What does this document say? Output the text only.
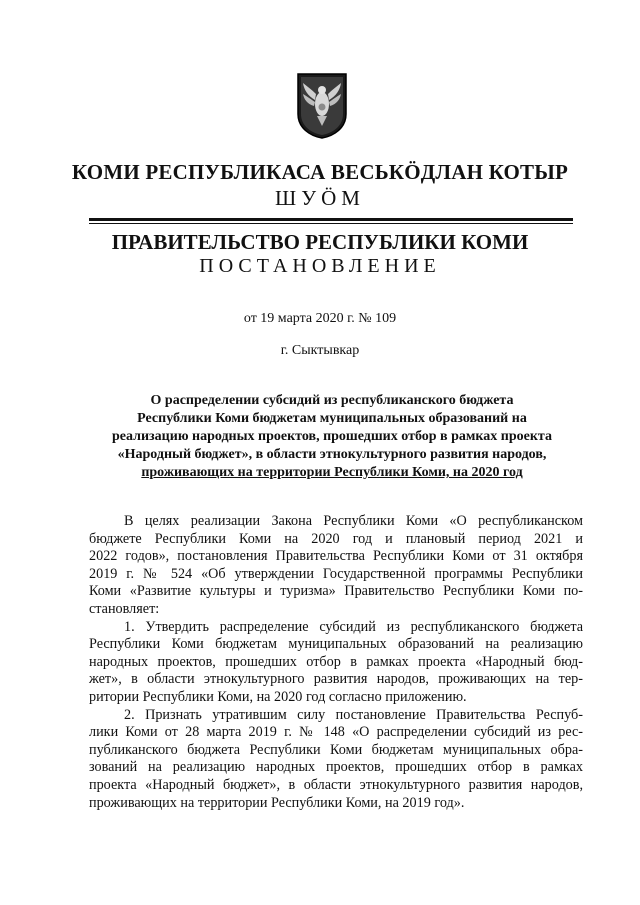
КОМИ РЕСПУБЛИКАСА ВЕСЬКӦДЛАН КОТЫР
ШУӦМ
ПРАВИТЕЛЬСТВО РЕСПУБЛИКИ КОМИ
ПОСТАНОВЛЕНИЕ
от 19 марта 2020 г. № 109
г. Сыктывкар
О распределении субсидий из республиканского бюджета
Республики Коми бюджетам муниципальных образований на
реализацию народных проектов, прошедших отбор в рамках проекта
«Народный бюджет», в области этнокультурного развития народов,
проживающих на территории Республики Коми, на 2020 год
В целях реализации Закона Республики Коми «О республиканском
бюджете Республики Коми на 2020 год и плановый период 2021 и
2022 годов», постановления Правительства Республики Коми от 31 октября
2019 г. № 524 «Об утверждении Государственной программы Республики
Коми «Развитие культуры и туризма» Правительство Республики Коми по-
становляет:
1. Утвердить распределение субсидий из республиканского бюджета
Республики Коми бюджетам муниципальных образований на реализацию
народных проектов, прошедших отбор в рамках проекта «Народный бюд-
жет», в области этнокультурного развития народов, проживающих на тер-
ритории Республики Коми, на 2020 год согласно приложению.
2. Признать утратившим силу постановление Правительства Респуб-
лики Коми от 28 марта 2019 г. № 148 «О распределении субсидий из рес-
публиканского бюджета Республики Коми бюджетам муниципальных обра-
зований на реализацию народных проектов, прошедших отбор в рамках
проекта «Народный бюджет», в области этнокультурного развития народов,
проживающих на территории Республики Коми, на 2019 год».
